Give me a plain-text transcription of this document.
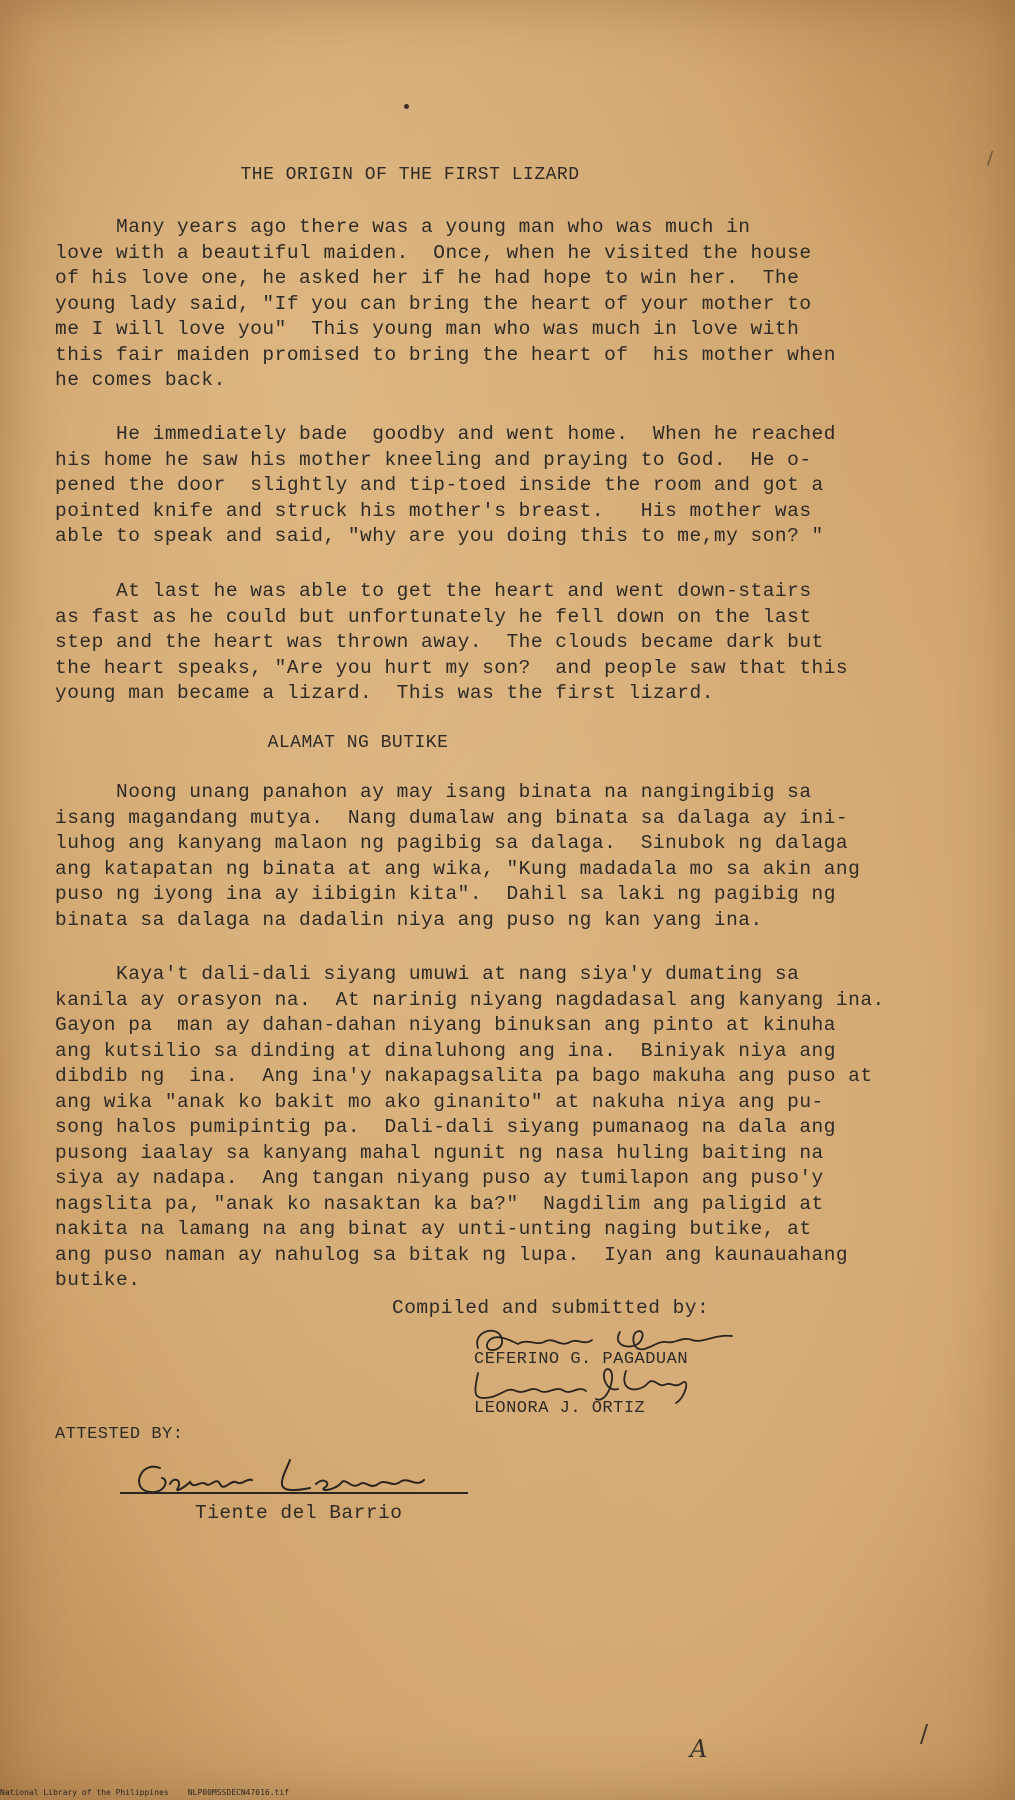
/
THE ORIGIN OF THE FIRST LIZARD
Many years ago there was a young man who was much in
love with a beautiful maiden.  Once, when he visited the house
of his love one, he asked her if he had hope to win her.  The
young lady said, "If you can bring the heart of your mother to
me I will love you"  This young man who was much in love with
this fair maiden promised to bring the heart of  his mother when
he comes back.
He immediately bade  goodby and went home.  When he reached
his home he saw his mother kneeling and praying to God.  He o-
pened the door  slightly and tip-toed inside the room and got a
pointed knife and struck his mother's breast.   His mother was
able to speak and said, "why are you doing this to me,my son? "
At last he was able to get the heart and went down-stairs
as fast as he could but unfortunately he fell down on the last
step and the heart was thrown away.  The clouds became dark but
the heart speaks, "Are you hurt my son?  and people saw that this
young man became a lizard.  This was the first lizard.
ALAMAT NG BUTIKE
Noong unang panahon ay may isang binata na nangingibig sa
isang magandang mutya.  Nang dumalaw ang binata sa dalaga ay ini-
luhog ang kanyang malaon ng pagibig sa dalaga.  Sinubok ng dalaga
ang katapatan ng binata at ang wika, "Kung madadala mo sa akin ang
puso ng iyong ina ay iibigin kita".  Dahil sa laki ng pagibig ng
binata sa dalaga na dadalin niya ang puso ng kan yang ina.
Kaya't dali-dali siyang umuwi at nang siya'y dumating sa
kanila ay orasyon na.  At narinig niyang nagdadasal ang kanyang ina.
Gayon pa  man ay dahan-dahan niyang binuksan ang pinto at kinuha
ang kutsilio sa dinding at dinaluhong ang ina.  Biniyak niya ang
dibdib ng  ina.  Ang ina'y nakapagsalita pa bago makuha ang puso at
ang wika "anak ko bakit mo ako ginanito" at nakuha niya ang pu-
song halos pumipintig pa.  Dali-dali siyang pumanaog na dala ang
pusong iaalay sa kanyang mahal ngunit ng nasa huling baiting na
siya ay nadapa.  Ang tangan niyang puso ay tumilapon ang puso'y
nagslita pa, "anak ko nasaktan ka ba?"  Nagdilim ang paligid at
nakita na lamang na ang binat ay unti-unting naging butike, at
ang puso naman ay nahulog sa bitak ng lupa.  Iyan ang kaunauahang
butike.
Compiled and submitted by:
CEFERINO G. PAGADUAN
LEONORA J. ORTIZ
ATTESTED BY:
Tiente del Barrio
A
/
National Library of the Philippines    NLP00MSSDECN47016.tif
